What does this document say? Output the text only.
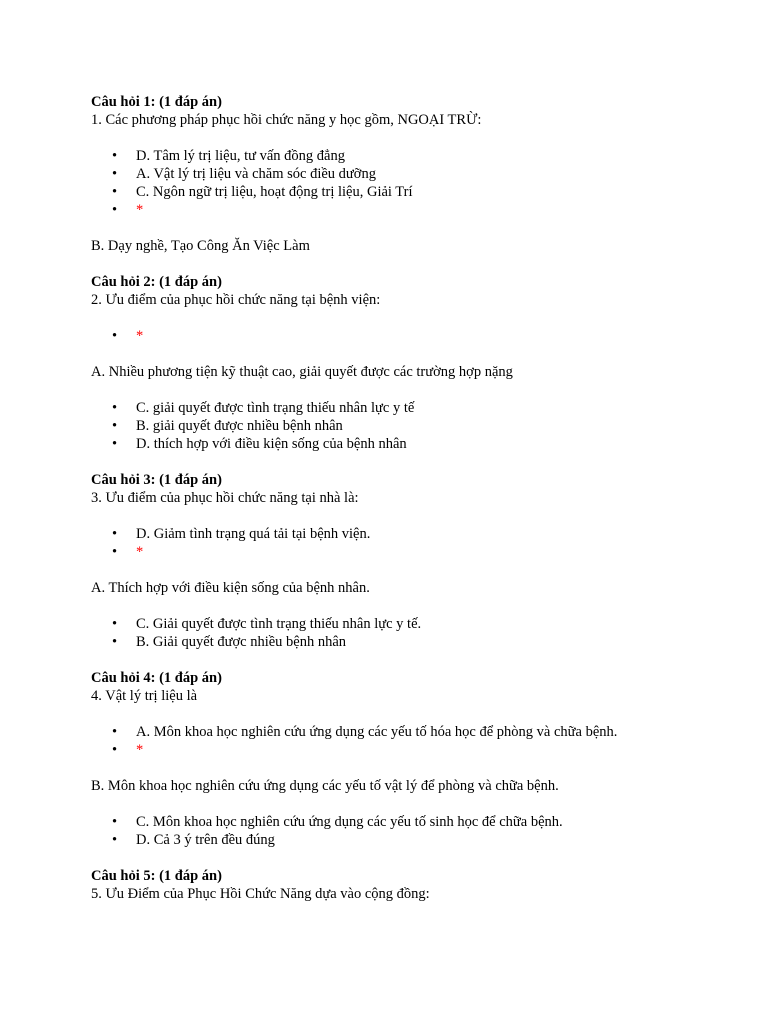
Câu hỏi 1: (1 đáp án)
1. Các phương pháp phục hồi chức năng y học gồm, NGOẠI TRỪ:
• D. Tâm lý trị liệu, tư vấn đồng đẳng
• A. Vật lý trị liệu và chăm sóc điều dưỡng
• C. Ngôn ngữ trị liệu, hoạt động trị liệu, Giải Trí
• *
B. Dạy nghề, Tạo Công Ăn Việc Làm
Câu hỏi 2: (1 đáp án)
2. Ưu điểm của phục hồi chức năng tại bệnh viện:
• *
A. Nhiều phương tiện kỹ thuật cao, giải quyết được các trường hợp nặng
• C. giải quyết được tình trạng thiếu nhân lực y tế
• B. giải quyết được nhiều bệnh nhân
• D. thích hợp với điều kiện sống của bệnh nhân
Câu hỏi 3: (1 đáp án)
3. Ưu điểm của phục hồi chức năng tại nhà là:
• D. Giảm tình trạng quá tải tại bệnh viện.
• *
A. Thích hợp với điều kiện sống của bệnh nhân.
• C. Giải quyết được tình trạng thiếu nhân lực y tế.
• B. Giải quyết được nhiều bệnh nhân
Câu hỏi 4: (1 đáp án)
4. Vật lý trị liệu là
• A. Môn khoa học nghiên cứu ứng dụng các yếu tố hóa học để phòng và chữa bệnh.
• *
B. Môn khoa học nghiên cứu ứng dụng các yếu tố vật lý để phòng và chữa bệnh.
• C. Môn khoa học nghiên cứu ứng dụng các yếu tố sinh học để chữa bệnh.
• D. Cả 3 ý trên đều đúng
Câu hỏi 5: (1 đáp án)
5. Ưu Điểm của Phục Hồi Chức Năng dựa vào cộng đồng:
